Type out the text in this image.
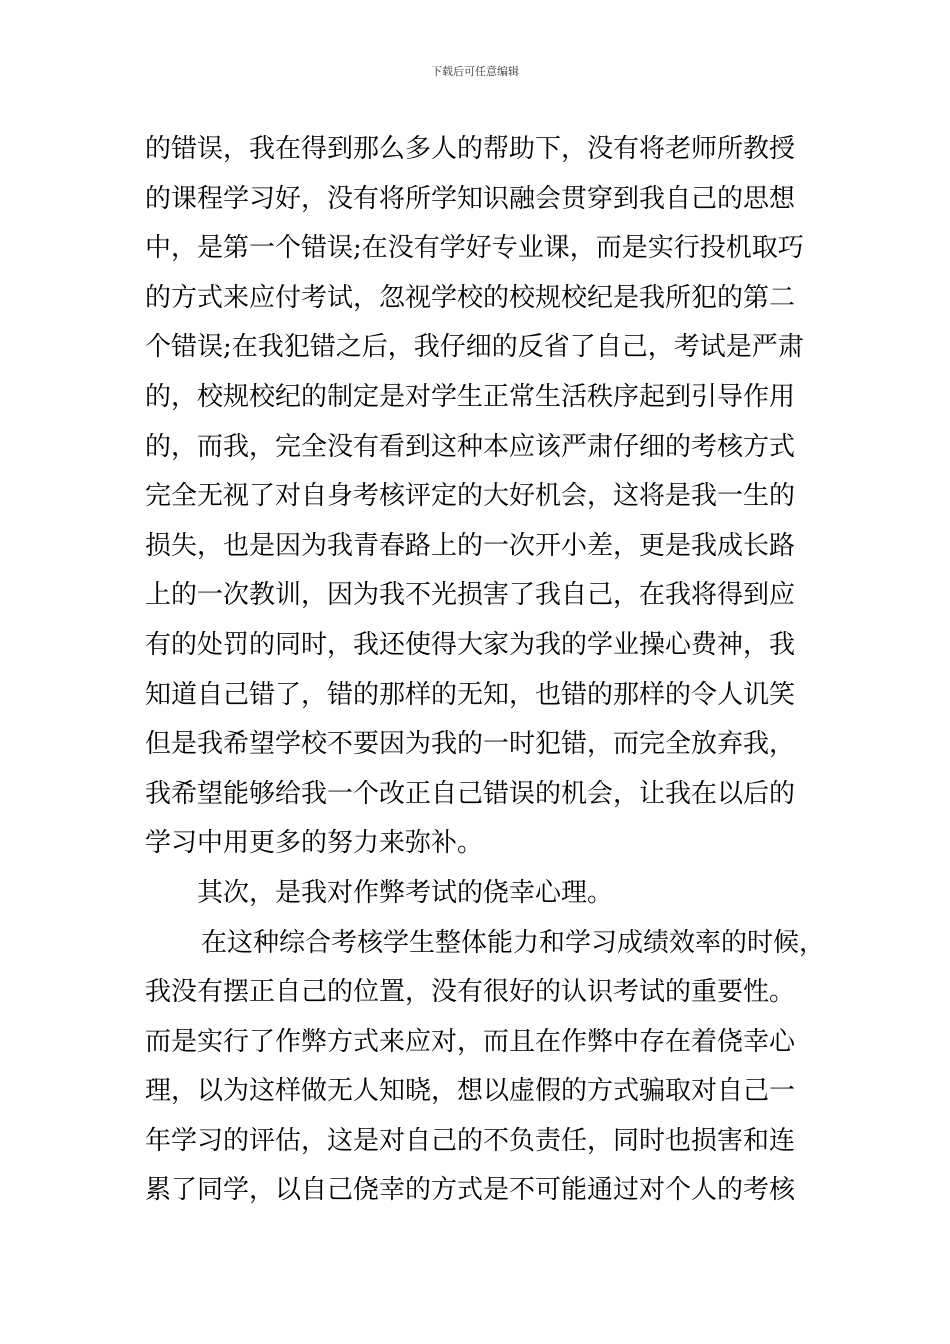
下载后可任意编辑
的错误，我在得到那么多人的帮助下，没有将老师所教授
的课程学习好，没有将所学知识融会贯穿到我自己的思想
中，是第一个错误;在没有学好专业课，而是实行投机取巧
的方式来应付考试，忽视学校的校规校纪是我所犯的第二
个错误;在我犯错之后，我仔细的反省了自己，考试是严肃
的，校规校纪的制定是对学生正常生活秩序起到引导作用
的，而我，完全没有看到这种本应该严肃仔细的考核方式
完全无视了对自身考核评定的大好机会，这将是我一生的
损失，也是因为我青春路上的一次开小差，更是我成长路
上的一次教训，因为我不光损害了我自己，在我将得到应
有的处罚的同时，我还使得大家为我的学业操心费神，我
知道自己错了，错的那样的无知，也错的那样的令人讥笑
但是我希望学校不要因为我的一时犯错，而完全放弃我，
我希望能够给我一个改正自己错误的机会，让我在以后的
学习中用更多的努力来弥补。
其次，是我对作弊考试的侥幸心理。
在这种综合考核学生整体能力和学习成绩效率的时候，
我没有摆正自己的位置，没有很好的认识考试的重要性。
而是实行了作弊方式来应对，而且在作弊中存在着侥幸心
理，以为这样做无人知晓，想以虚假的方式骗取对自己一
年学习的评估，这是对自己的不负责任，同时也损害和连
累了同学，以自己侥幸的方式是不可能通过对个人的考核
